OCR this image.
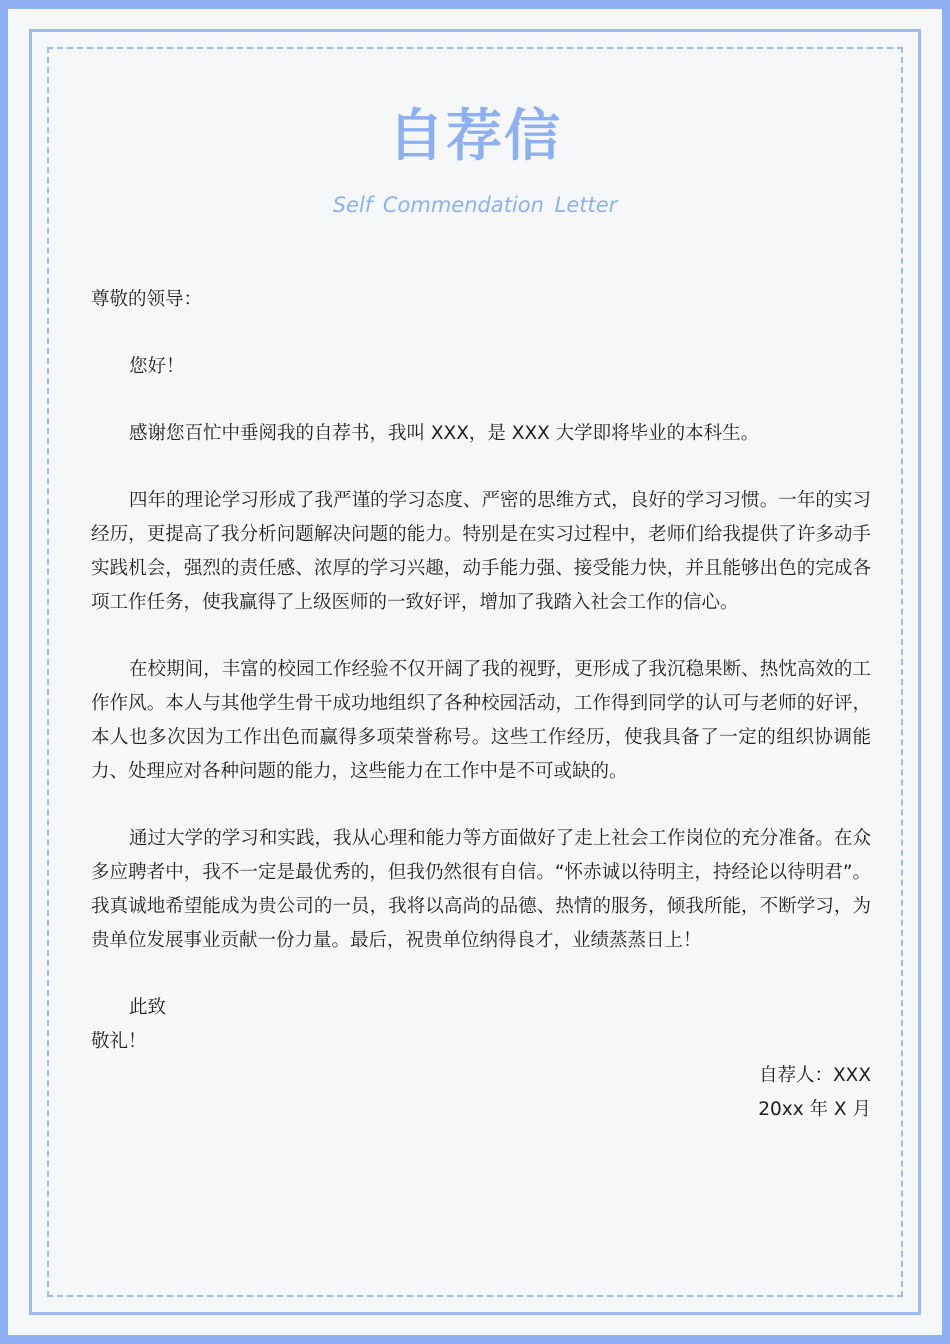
自荐信
Self Commendation Letter

尊敬的领导：

您好！

感谢您百忙中垂阅我的自荐书，我叫 XXX，是 XXX 大学即将毕业的本科生。

四年的理论学习形成了我严谨的学习态度、严密的思维方式，良好的学习习惯。一年的实习经历，更提高了我分析问题解决问题的能力。特别是在实习过程中，老师们给我提供了许多动手实践机会，强烈的责任感、浓厚的学习兴趣，动手能力强、接受能力快，并且能够出色的完成各项工作任务，使我赢得了上级医师的一致好评，增加了我踏入社会工作的信心。

在校期间，丰富的校园工作经验不仅开阔了我的视野，更形成了我沉稳果断、热忱高效的工作作风。本人与其他学生骨干成功地组织了各种校园活动，工作得到同学的认可与老师的好评，本人也多次因为工作出色而赢得多项荣誉称号。这些工作经历，使我具备了一定的组织协调能力、处理应对各种问题的能力，这些能力在工作中是不可或缺的。

通过大学的学习和实践，我从心理和能力等方面做好了走上社会工作岗位的充分准备。在众多应聘者中，我不一定是最优秀的，但我仍然很有自信。“怀赤诚以待明主，持经论以待明君”。我真诚地希望能成为贵公司的一员，我将以高尚的品德、热情的服务，倾我所能，不断学习，为贵单位发展事业贡献一份力量。最后，祝贵单位纳得良才，业绩蒸蒸日上！

此致

敬礼！

自荐人：XXX

20xx 年 X 月
